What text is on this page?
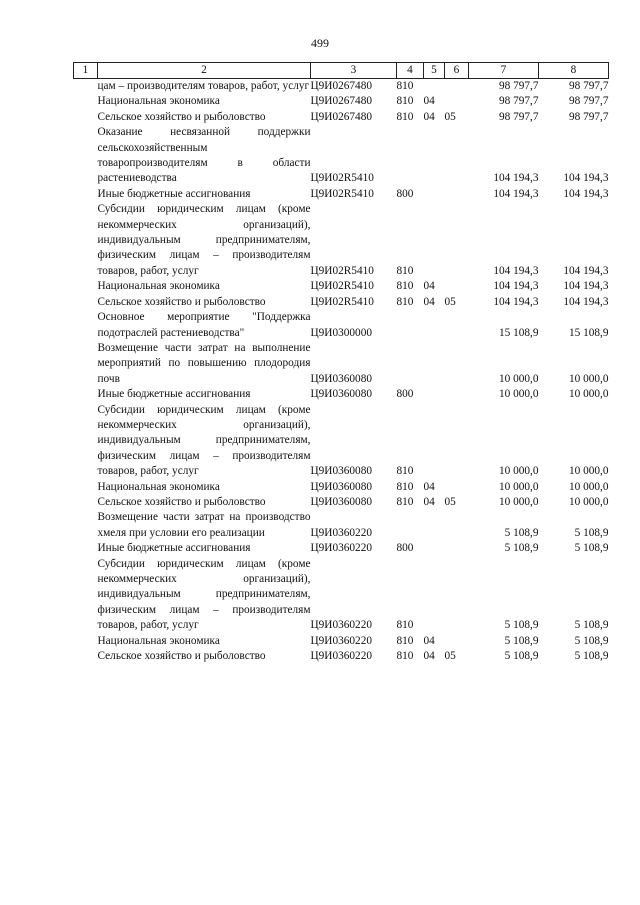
499
1	2	3	4	5	6	7	8
	цам – производителям товаров, работ, услуг	Ц9И0267480	810			98 797,7	98 797,7
	Национальная экономика	Ц9И0267480	810	04		98 797,7	98 797,7
	Сельское хозяйство и рыболовство	Ц9И0267480	810	04	05	98 797,7	98 797,7
	Оказание несвязанной поддержки сельскохозяйственным товаропроизводителям в области растениеводства	Ц9И02R5410				104 194,3	104 194,3
	Иные бюджетные ассигнования	Ц9И02R5410	800			104 194,3	104 194,3
	Субсидии юридическим лицам (кроме некоммерческих организаций), индивидуальным предпринимателям, физическим лицам – производителям товаров, работ, услуг	Ц9И02R5410	810			104 194,3	104 194,3
	Национальная экономика	Ц9И02R5410	810	04		104 194,3	104 194,3
	Сельское хозяйство и рыболовство	Ц9И02R5410	810	04	05	104 194,3	104 194,3
	Основное мероприятие "Поддержка подотраслей растениеводства"	Ц9И0300000				15 108,9	15 108,9
	Возмещение части затрат на выполнение мероприятий по повышению плодородия почв	Ц9И0360080				10 000,0	10 000,0
	Иные бюджетные ассигнования	Ц9И0360080	800			10 000,0	10 000,0
	Субсидии юридическим лицам (кроме некоммерческих организаций), индивидуальным предпринимателям, физическим лицам – производителям товаров, работ, услуг	Ц9И0360080	810			10 000,0	10 000,0
	Национальная экономика	Ц9И0360080	810	04		10 000,0	10 000,0
	Сельское хозяйство и рыболовство	Ц9И0360080	810	04	05	10 000,0	10 000,0
	Возмещение части затрат на производство хмеля при условии его реализации	Ц9И0360220				5 108,9	5 108,9
	Иные бюджетные ассигнования	Ц9И0360220	800			5 108,9	5 108,9
	Субсидии юридическим лицам (кроме некоммерческих организаций), индивидуальным предпринимателям, физическим лицам – производителям товаров, работ, услуг	Ц9И0360220	810			5 108,9	5 108,9
	Национальная экономика	Ц9И0360220	810	04		5 108,9	5 108,9
	Сельское хозяйство и рыболовство	Ц9И0360220	810	04	05	5 108,9	5 108,9
